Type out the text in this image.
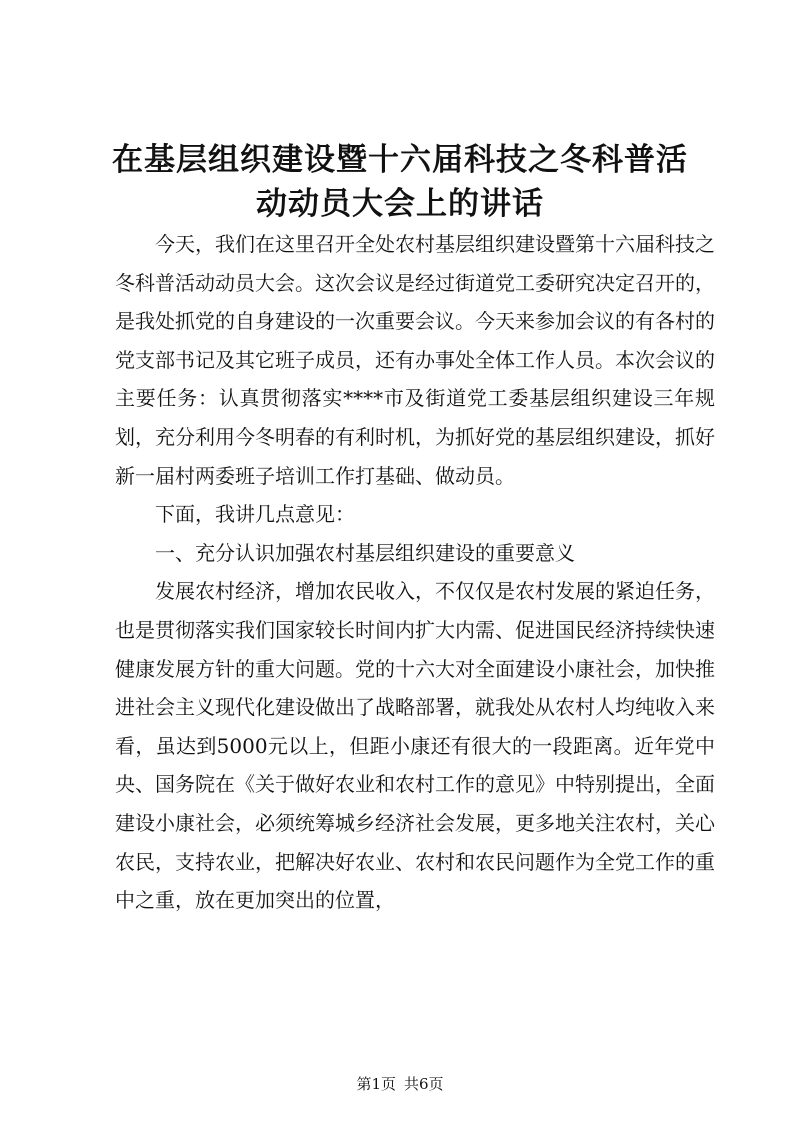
在基层组织建设暨十六届科技之冬科普活动动员大会上的讲话

今天，我们在这里召开全处农村基层组织建设暨第十六届科技之冬科普活动动员大会。这次会议是经过街道党工委研究决定召开的，是我处抓党的自身建设的一次重要会议。今天来参加会议的有各村的党支部书记及其它班子成员，还有办事处全体工作人员。本次会议的主要任务：认真贯彻落实****市及街道党工委基层组织建设三年规划，充分利用今冬明春的有利时机，为抓好党的基层组织建设，抓好新一届村两委班子培训工作打基础、做动员。

下面，我讲几点意见：

一、充分认识加强农村基层组织建设的重要意义

发展农村经济，增加农民收入，不仅仅是农村发展的紧迫任务，也是贯彻落实我们国家较长时间内扩大内需、促进国民经济持续快速健康发展方针的重大问题。党的十六大对全面建设小康社会，加快推进社会主义现代化建设做出了战略部署，就我处从农村人均纯收入来看，虽达到5000元以上，但距小康还有很大的一段距离。近年党中央、国务院在《关于做好农业和农村工作的意见》中特别提出，全面建设小康社会，必须统筹城乡经济社会发展，更多地关注农村，关心农民，支持农业，把解决好农业、农村和农民问题作为全党工作的重中之重，放在更加突出的位置，

第1页 共6页
